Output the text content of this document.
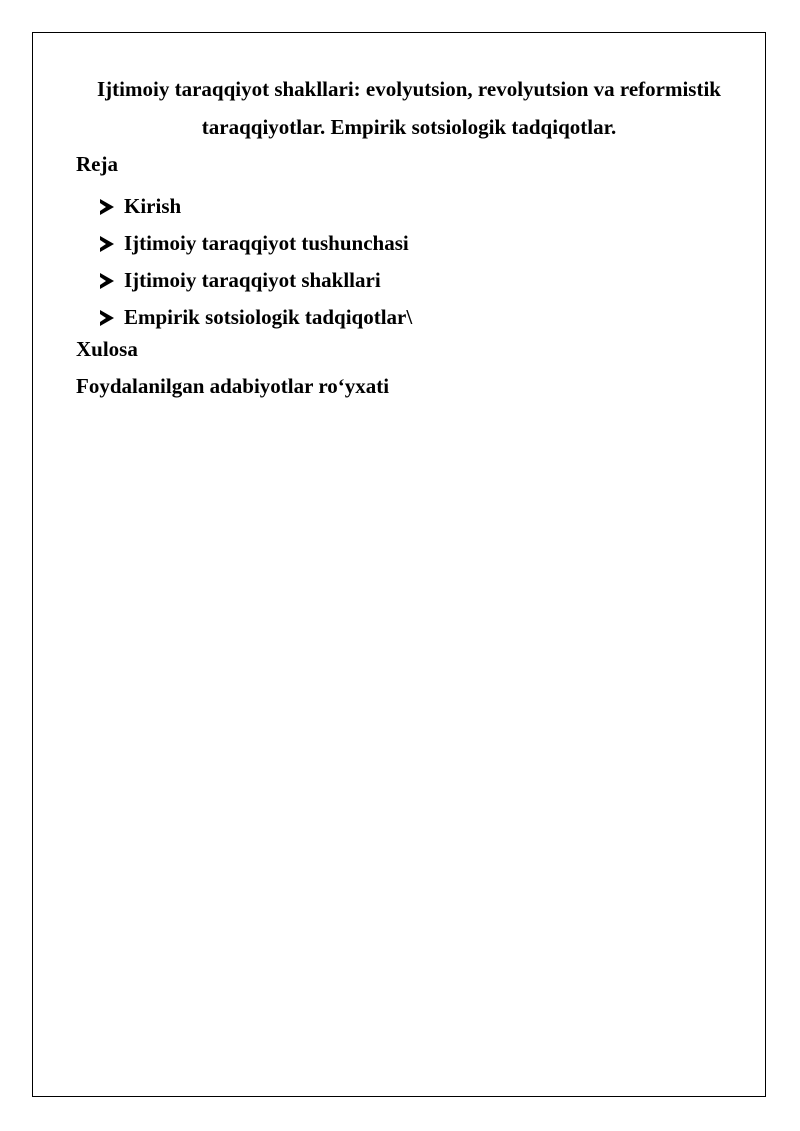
Ijtimoiy taraqqiyot shakllari: evolyutsion, revolyutsion va reformistik taraqqiyotlar. Empirik sotsiologik tadqiqotlar.
Reja
Kirish
Ijtimoiy taraqqiyot tushunchasi
Ijtimoiy taraqqiyot shakllari
Empirik sotsiologik tadqiqotlar\
Xulosa
Foydalanilgan adabiyotlar ro‘yxati
